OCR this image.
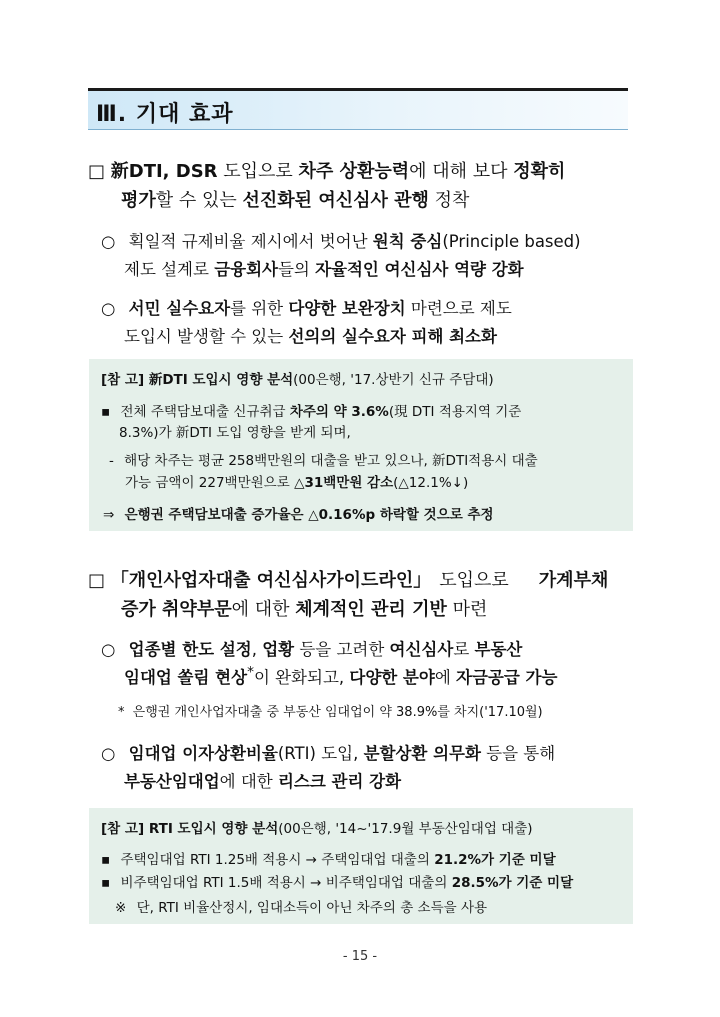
Ⅲ. 기대 효과
□ 新DTI, DSR 도입으로 차주 상환능력에 대해 보다 정확히
평가할 수 있는 선진화된 여신심사 관행 정착
○ 획일적 규제비율 제시에서 벗어난 원칙 중심(Principle based)
제도 설계로 금융회사들의 자율적인 여신심사 역량 강화
○ 서민 실수요자를 위한 다양한 보완장치 마련으로 제도
도입시 발생할 수 있는 선의의 실수요자 피해 최소화
[참 고] 新DTI 도입시 영향 분석(00은행, '17.상반기 신규 주담대)
▪ 전체 주택담보대출 신규취급 차주의 약 3.6%(現 DTI 적용지역 기준
8.3%)가 新DTI 도입 영향을 받게 되며,
- 해당 차주는 평균 258백만원의 대출을 받고 있으나, 新DTI적용시 대출
가능 금액이 227백만원으로 △31백만원 감소(△12.1%↓)
⇒ 은행권 주택담보대출 증가율은 △0.16%p 하락할 것으로 추정
□ 「개인사업자대출 여신심사가이드라인」 도입으로 가계부채
증가 취약부문에 대한 체계적인 관리 기반 마련
○ 업종별 한도 설정, 업황 등을 고려한 여신심사로 부동산
임대업 쏠림 현상*이 완화되고, 다양한 분야에 자금공급 가능
* 은행권 개인사업자대출 중 부동산 임대업이 약 38.9%를 차지('17.10월)
○ 임대업 이자상환비율(RTI) 도입, 분할상환 의무화 등을 통해
부동산임대업에 대한 리스크 관리 강화
[참 고] RTI 도입시 영향 분석(00은행, '14~'17.9월 부동산임대업 대출)
▪ 주택임대업 RTI 1.25배 적용시 → 주택임대업 대출의 21.2%가 기준 미달
▪ 비주택임대업 RTI 1.5배 적용시 → 비주택임대업 대출의 28.5%가 기준 미달
※ 단, RTI 비율산정시, 임대소득이 아닌 차주의 총 소득을 사용
- 15 -
